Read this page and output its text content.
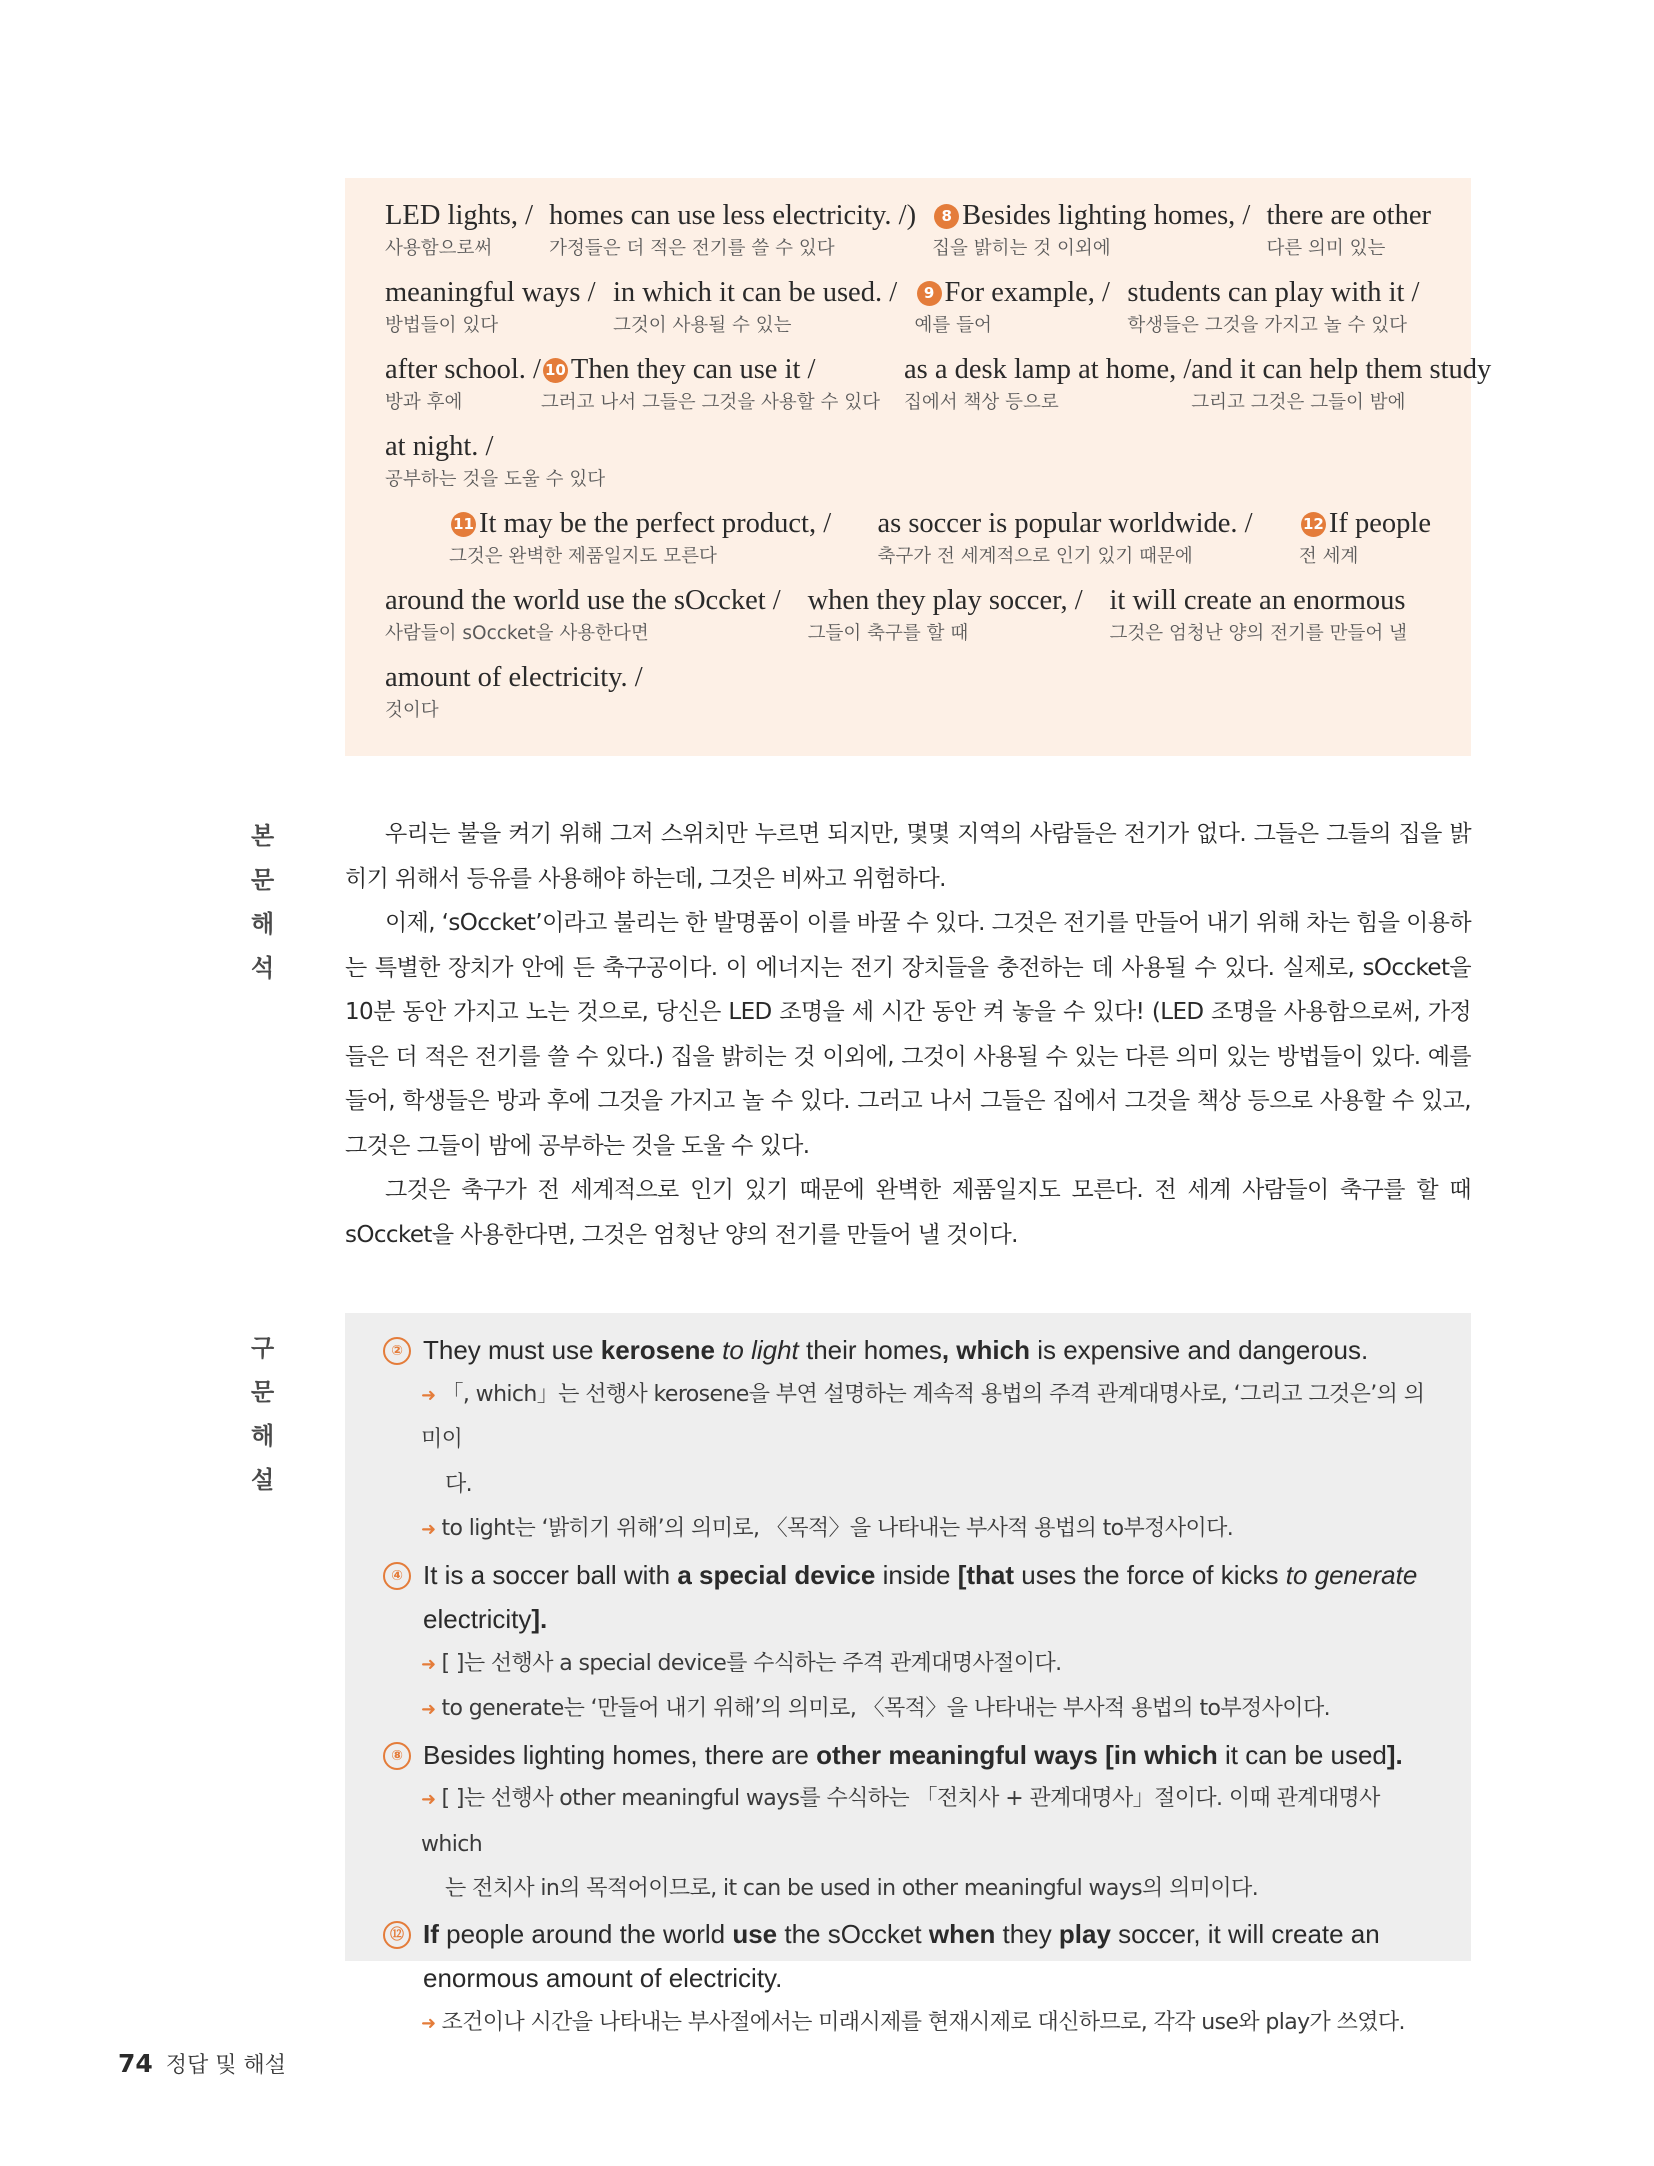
LED lights, /
사용함으로써
homes can use less electricity. /)
가정들은 더 적은 전기를 쓸 수 있다
8 Besides lighting homes, /
집을 밝히는 것 이외에
there are other
다른 의미 있는
meaningful ways /
방법들이 있다
in which it can be used. /
그것이 사용될 수 있는
9 For example, /
예를 들어
students can play with it /
학생들은 그것을 가지고 놀 수 있다
after school. /
방과 후에
10 Then they can use it /
그러고 나서 그들은 그것을 사용할 수 있다
as a desk lamp at home, /
집에서 책상 등으로
and it can help them study
그리고 그것은 그들이 밤에
at night. /
공부하는 것을 도울 수 있다
11 It may be the perfect product, /
그것은 완벽한 제품일지도 모른다
as soccer is popular worldwide. /
축구가 전 세계적으로 인기 있기 때문에
12 If people
전 세계
around the world use the sOccket /
사람들이 sOccket을 사용한다면
when they play soccer, /
그들이 축구를 할 때
it will create an enormous
그것은 엄청난 양의 전기를 만들어 낼
amount of electricity. /
것이다
본문
해석

우리는 불을 켜기 위해 그저 스위치만 누르면 되지만, 몇몇 지역의 사람들은 전기가 없다. 그들은 그들의 집을 밝히기 위해서 등유를 사용해야 하는데, 그것은 비싸고 위험하다.

이제, ‘sOccket’이라고 불리는 한 발명품이 이를 바꿀 수 있다. 그것은 전기를 만들어 내기 위해 차는 힘을 이용하는 특별한 장치가 안에 든 축구공이다. 이 에너지는 전기 장치들을 충전하는 데 사용될 수 있다. 실제로, sOccket을 10분 동안 가지고 노는 것으로, 당신은 LED 조명을 세 시간 동안 켜 놓을 수 있다! (LED 조명을 사용함으로써, 가정들은 더 적은 전기를 쓸 수 있다.) 집을 밝히는 것 이외에, 그것이 사용될 수 있는 다른 의미 있는 방법들이 있다. 예를 들어, 학생들은 방과 후에 그것을 가지고 놀 수 있다. 그러고 나서 그들은 집에서 그것을 책상 등으로 사용할 수 있고, 그것은 그들이 밤에 공부하는 것을 도울 수 있다.

그것은 축구가 전 세계적으로 인기 있기 때문에 완벽한 제품일지도 모른다. 전 세계 사람들이 축구를 할 때 sOccket을 사용한다면, 그것은 엄청난 양의 전기를 만들어 낼 것이다.

구문
해설
② They must use kerosene to light their homes, which is expensive and dangerous.
➜ 「, which」는 선행사 kerosene을 부연 설명하는 계속적 용법의 주격 관계대명사로, ‘그리고 그것은’의 의미이
다.
➜ to light는 ‘밝히기 위해’의 의미로, 〈목적〉을 나타내는 부사적 용법의 to부정사이다.
④ It is a soccer ball with a special device inside [that uses the force of kicks to generate electricity].
➜ [ ]는 선행사 a special device를 수식하는 주격 관계대명사절이다.
➜ to generate는 ‘만들어 내기 위해’의 의미로, 〈목적〉을 나타내는 부사적 용법의 to부정사이다.
⑧ Besides lighting homes, there are other meaningful ways [in which it can be used].
➜ [ ]는 선행사 other meaningful ways를 수식하는 「전치사 + 관계대명사」절이다. 이때 관계대명사 which
는 전치사 in의 목적어이므로, it can be used in other meaningful ways의 의미이다.
⑫ If people around the world use the sOccket when they play soccer, it will create an enormous amount of electricity.
➜ 조건이나 시간을 나타내는 부사절에서는 미래시제를 현재시제로 대신하므로, 각각 use와 play가 쓰였다.
74 정답 및 해설
